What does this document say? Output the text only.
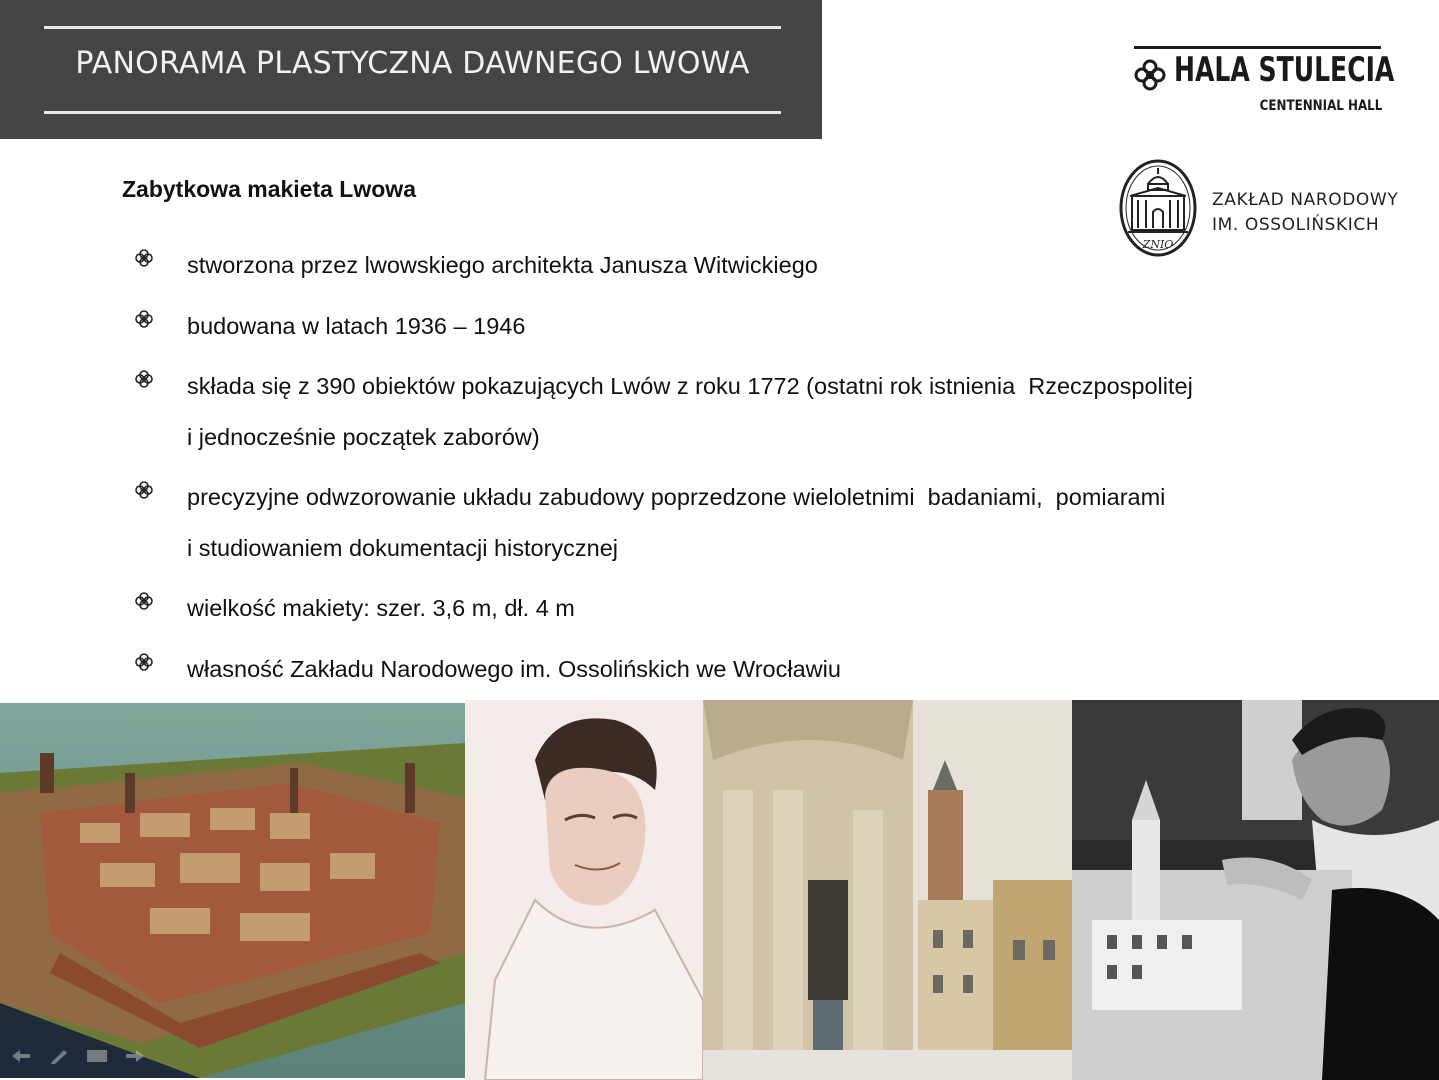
PANORAMA PLASTYCZNA DAWNEGO LWOWA	HALA STULECIA
CENTENNIAL HALL
ZNIO
ZAKŁAD NARODOWY
IM. OSSOLIŃSKICH
Zabytkowa makieta Lwowa
stworzona przez lwowskiego architekta Janusza Witwickiego
budowana w latach 1936 – 1946
składa się z 390 obiektów pokazujących Lwów z roku 1772 (ostatni rok istnienia  Rzeczpospolitej
i jednocześnie początek zaborów)
precyzyjne odwzorowanie układu zabudowy poprzedzone wieloletnimi  badaniami,  pomiarami
i studiowaniem dokumentacji historycznej
wielkość makiety: szer. 3,6 m, dł. 4 m
własność Zakładu Narodowego im. Ossolińskich we Wrocławiu
